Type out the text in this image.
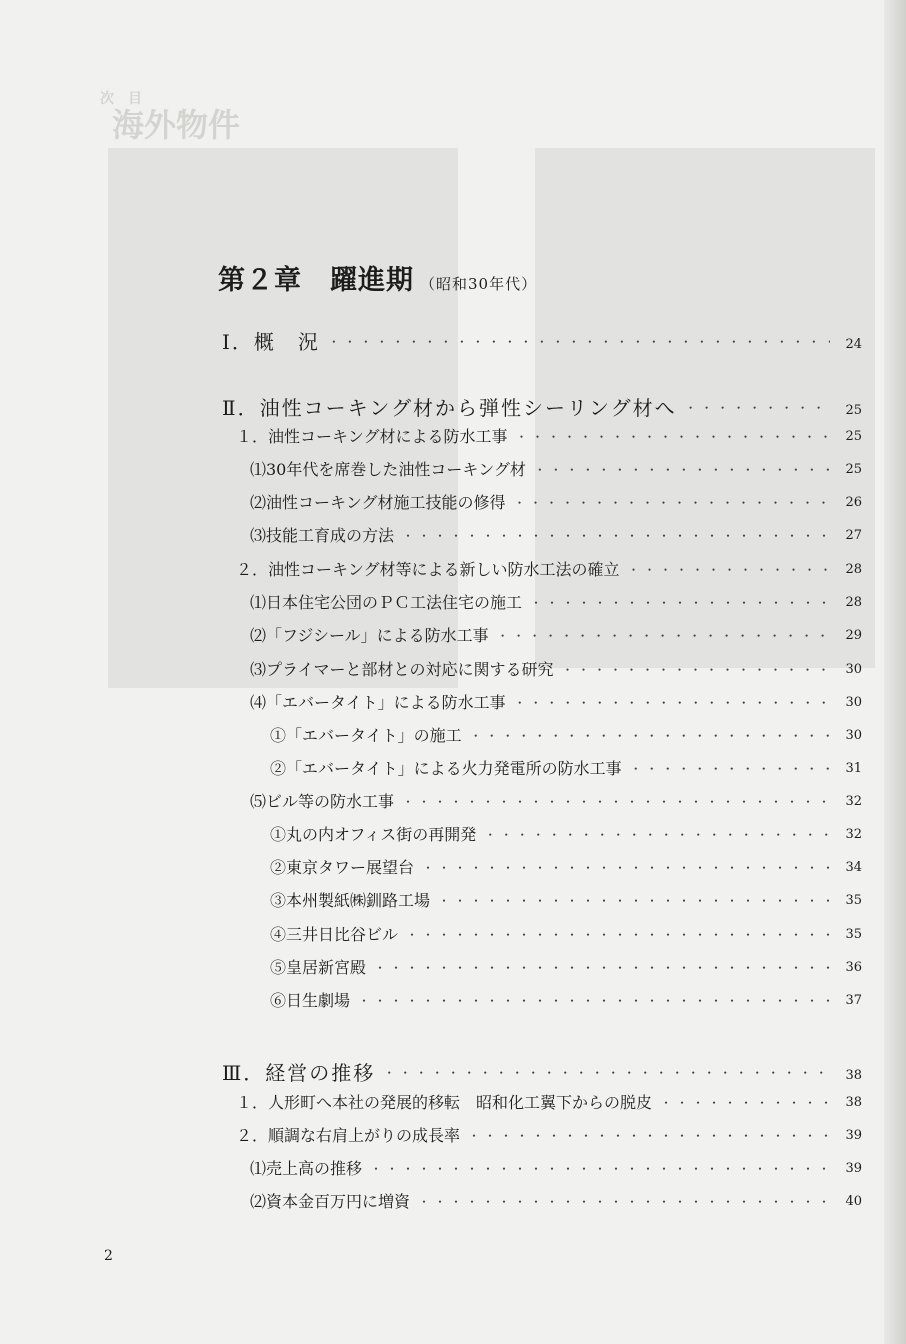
次　目
海外物件
第２章　躍進期 （昭和30年代）
Ⅰ．概　況 ・・・・・・・・・・・・・・・・・・・・・・・・・・・・・・・・・・・・・・・・・・・・・・・・・・・・・・・・・・・・・・・・・・・・・・・・・・・・・・・・・・	24
Ⅱ．油性コーキング材から弾性シーリング材へ ・・・・・・・・・・・・・・・・・・・・・・・・・・・・・・・・・・・・・・・・・・・・・・・・・・・・・・・・・・・・・・・・・・・・・・・・・・・・・・・・・・	25
１．油性コーキング材による防水工事 ・・・・・・・・・・・・・・・・・・・・・・・・・・・・・・・・・・・・・・・・・・・・・・・・・・・・・・・・・・・・・・・・・・・・・・・・・・・・・・・・・・	25
⑴30年代を席巻した油性コーキング材 ・・・・・・・・・・・・・・・・・・・・・・・・・・・・・・・・・・・・・・・・・・・・・・・・・・・・・・・・・・・・・・・・・・・・・・・・・・・・・・・・・・	25
⑵油性コーキング材施工技能の修得 ・・・・・・・・・・・・・・・・・・・・・・・・・・・・・・・・・・・・・・・・・・・・・・・・・・・・・・・・・・・・・・・・・・・・・・・・・・・・・・・・・・	26
⑶技能工育成の方法 ・・・・・・・・・・・・・・・・・・・・・・・・・・・・・・・・・・・・・・・・・・・・・・・・・・・・・・・・・・・・・・・・・・・・・・・・・・・・・・・・・・	27
２．油性コーキング材等による新しい防水工法の確立 ・・・・・・・・・・・・・・・・・・・・・・・・・・・・・・・・・・・・・・・・・・・・・・・・・・・・・・・・・・・・・・・・・・・・・・・・・・・・・・・・・・	28
⑴日本住宅公団のＰＣ工法住宅の施工 ・・・・・・・・・・・・・・・・・・・・・・・・・・・・・・・・・・・・・・・・・・・・・・・・・・・・・・・・・・・・・・・・・・・・・・・・・・・・・・・・・・	28
⑵「フジシール」による防水工事 ・・・・・・・・・・・・・・・・・・・・・・・・・・・・・・・・・・・・・・・・・・・・・・・・・・・・・・・・・・・・・・・・・・・・・・・・・・・・・・・・・・	29
⑶プライマーと部材との対応に関する研究 ・・・・・・・・・・・・・・・・・・・・・・・・・・・・・・・・・・・・・・・・・・・・・・・・・・・・・・・・・・・・・・・・・・・・・・・・・・・・・・・・・・	30
⑷「エバータイト」による防水工事 ・・・・・・・・・・・・・・・・・・・・・・・・・・・・・・・・・・・・・・・・・・・・・・・・・・・・・・・・・・・・・・・・・・・・・・・・・・・・・・・・・・	30
①「エバータイト」の施工 ・・・・・・・・・・・・・・・・・・・・・・・・・・・・・・・・・・・・・・・・・・・・・・・・・・・・・・・・・・・・・・・・・・・・・・・・・・・・・・・・・・	30
②「エバータイト」による火力発電所の防水工事 ・・・・・・・・・・・・・・・・・・・・・・・・・・・・・・・・・・・・・・・・・・・・・・・・・・・・・・・・・・・・・・・・・・・・・・・・・・・・・・・・・・	31
⑸ビル等の防水工事 ・・・・・・・・・・・・・・・・・・・・・・・・・・・・・・・・・・・・・・・・・・・・・・・・・・・・・・・・・・・・・・・・・・・・・・・・・・・・・・・・・・	32
①丸の内オフィス街の再開発 ・・・・・・・・・・・・・・・・・・・・・・・・・・・・・・・・・・・・・・・・・・・・・・・・・・・・・・・・・・・・・・・・・・・・・・・・・・・・・・・・・・	32
②東京タワー展望台 ・・・・・・・・・・・・・・・・・・・・・・・・・・・・・・・・・・・・・・・・・・・・・・・・・・・・・・・・・・・・・・・・・・・・・・・・・・・・・・・・・・	34
③本州製紙㈱釧路工場 ・・・・・・・・・・・・・・・・・・・・・・・・・・・・・・・・・・・・・・・・・・・・・・・・・・・・・・・・・・・・・・・・・・・・・・・・・・・・・・・・・・	35
④三井日比谷ビル ・・・・・・・・・・・・・・・・・・・・・・・・・・・・・・・・・・・・・・・・・・・・・・・・・・・・・・・・・・・・・・・・・・・・・・・・・・・・・・・・・・	35
⑤皇居新宮殿 ・・・・・・・・・・・・・・・・・・・・・・・・・・・・・・・・・・・・・・・・・・・・・・・・・・・・・・・・・・・・・・・・・・・・・・・・・・・・・・・・・・	36
⑥日生劇場 ・・・・・・・・・・・・・・・・・・・・・・・・・・・・・・・・・・・・・・・・・・・・・・・・・・・・・・・・・・・・・・・・・・・・・・・・・・・・・・・・・・	37
Ⅲ．経営の推移 ・・・・・・・・・・・・・・・・・・・・・・・・・・・・・・・・・・・・・・・・・・・・・・・・・・・・・・・・・・・・・・・・・・・・・・・・・・・・・・・・・・	38
１．人形町へ本社の発展的移転　昭和化工翼下からの脱皮 ・・・・・・・・・・・・・・・・・・・・・・・・・・・・・・・・・・・・・・・・・・・・・・・・・・・・・・・・・・・・・・・・・・・・・・・・・・・・・・・・・・	38
２．順調な右肩上がりの成長率 ・・・・・・・・・・・・・・・・・・・・・・・・・・・・・・・・・・・・・・・・・・・・・・・・・・・・・・・・・・・・・・・・・・・・・・・・・・・・・・・・・・	39
⑴売上高の推移 ・・・・・・・・・・・・・・・・・・・・・・・・・・・・・・・・・・・・・・・・・・・・・・・・・・・・・・・・・・・・・・・・・・・・・・・・・・・・・・・・・・	39
⑵資本金百万円に増資 ・・・・・・・・・・・・・・・・・・・・・・・・・・・・・・・・・・・・・・・・・・・・・・・・・・・・・・・・・・・・・・・・・・・・・・・・・・・・・・・・・・	40
2
